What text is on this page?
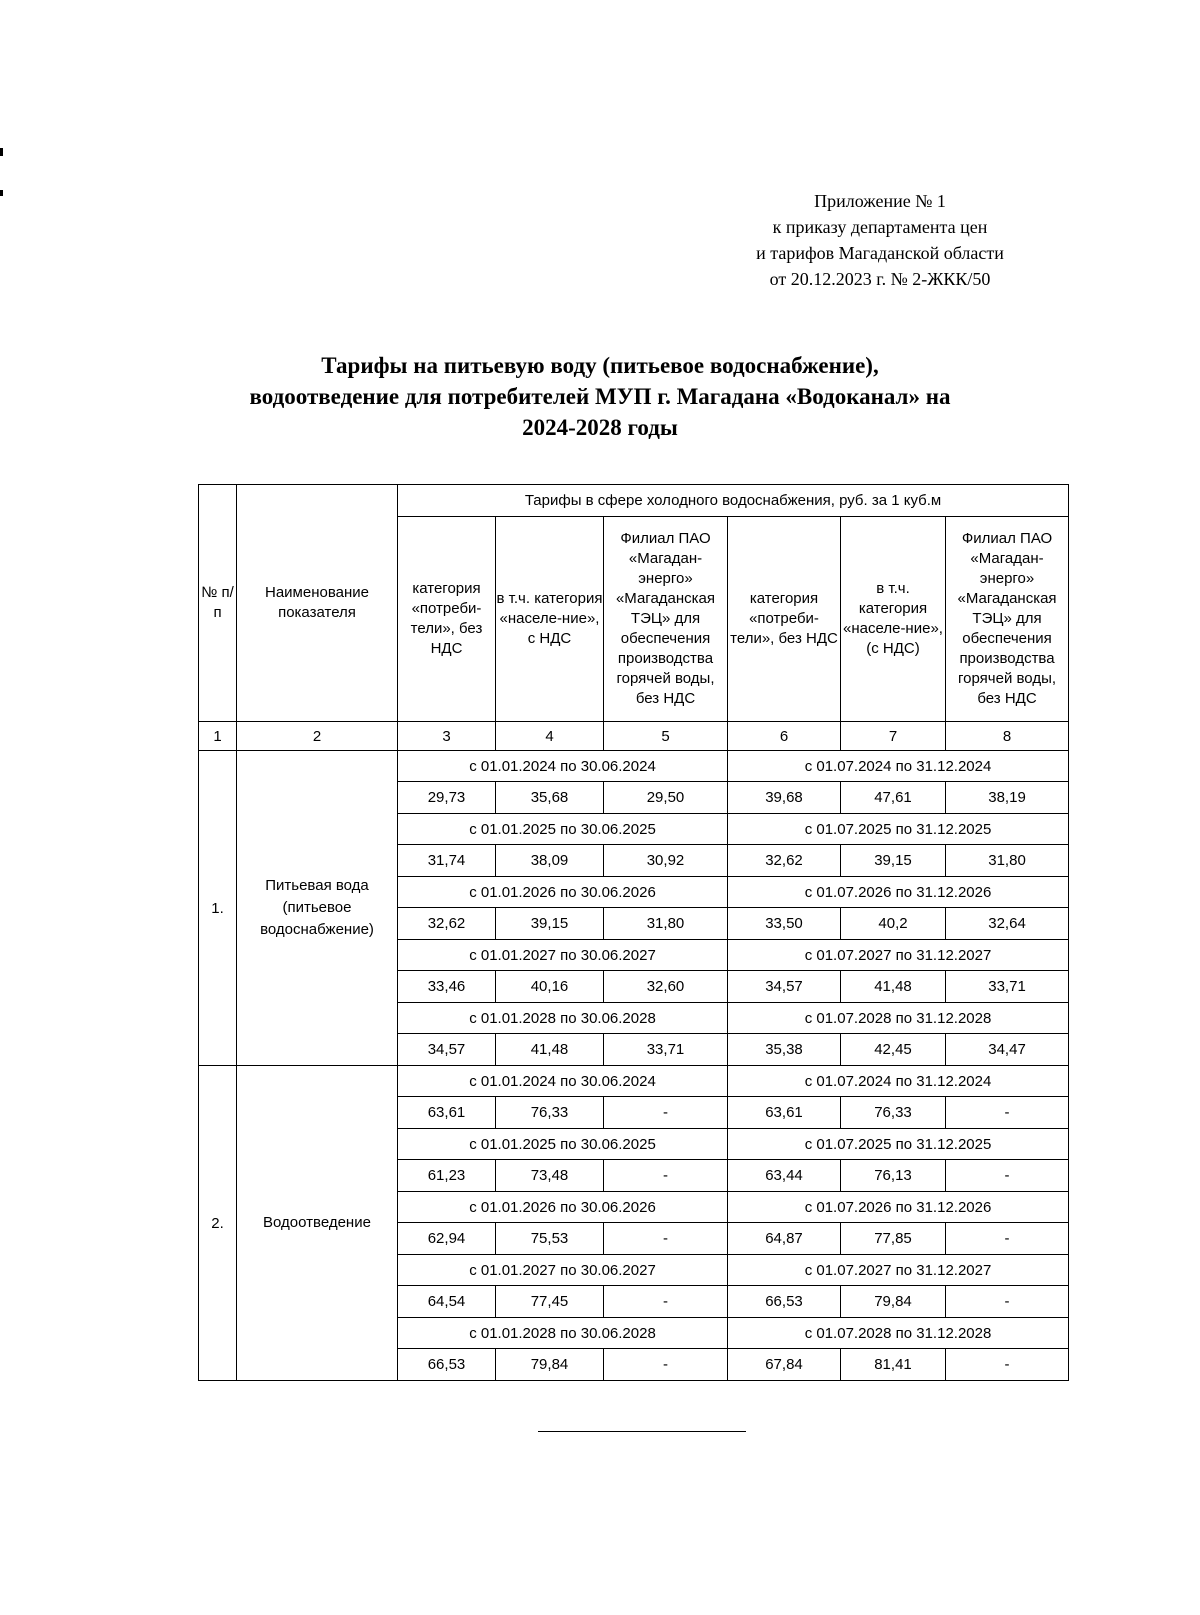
Приложение № 1
к приказу департамента цен
и тарифов Магаданской области
от 20.12.2023 г. № 2-ЖКК/50
Тарифы на питьевую воду (питьевое водоснабжение),
водоотведение для потребителей МУП г. Магадана «Водоканал» на
2024-2028 годы
№ п/п	Наименование показателя	Тарифы в сфере холодного водоснабжения, руб. за 1 куб.м					
		категория «потреби-тели», без НДС	в т.ч. категория «населе-ние», с НДС	Филиал ПАО «Магадан-энерго» «Магаданская ТЭЦ» для обеспечения производства горячей воды, без НДС	категория «потреби-тели», без НДС	в т.ч. категория «населе-ние», (с НДС)	Филиал ПАО «Магадан-энерго» «Магаданская ТЭЦ» для обеспечения производства горячей воды, без НДС
1	2	3	4	5	6	7	8
1.	Питьевая вода (питьевое водоснабжение)	с 01.01.2024 по 30.06.2024			с 01.07.2024 по 31.12.2024		
		29,73	35,68	29,50	39,68	47,61	38,19
		с 01.01.2025 по 30.06.2025			с 01.07.2025 по 31.12.2025		
		31,74	38,09	30,92	32,62	39,15	31,80
		с 01.01.2026 по 30.06.2026			с 01.07.2026 по 31.12.2026		
		32,62	39,15	31,80	33,50	40,2	32,64
		с 01.01.2027 по 30.06.2027			с 01.07.2027 по 31.12.2027		
		33,46	40,16	32,60	34,57	41,48	33,71
		с 01.01.2028 по 30.06.2028			с 01.07.2028 по 31.12.2028		
		34,57	41,48	33,71	35,38	42,45	34,47
2.	Водоотведение	с 01.01.2024 по 30.06.2024			с 01.07.2024 по 31.12.2024		
		63,61	76,33	-	63,61	76,33	-
		с 01.01.2025 по 30.06.2025			с 01.07.2025 по 31.12.2025		
		61,23	73,48	-	63,44	76,13	-
		с 01.01.2026 по 30.06.2026			с 01.07.2026 по 31.12.2026		
		62,94	75,53	-	64,87	77,85	-
		с 01.01.2027 по 30.06.2027			с 01.07.2027 по 31.12.2027		
		64,54	77,45	-	66,53	79,84	-
		с 01.01.2028 по 30.06.2028			с 01.07.2028 по 31.12.2028		
		66,53	79,84	-	67,84	81,41	-
